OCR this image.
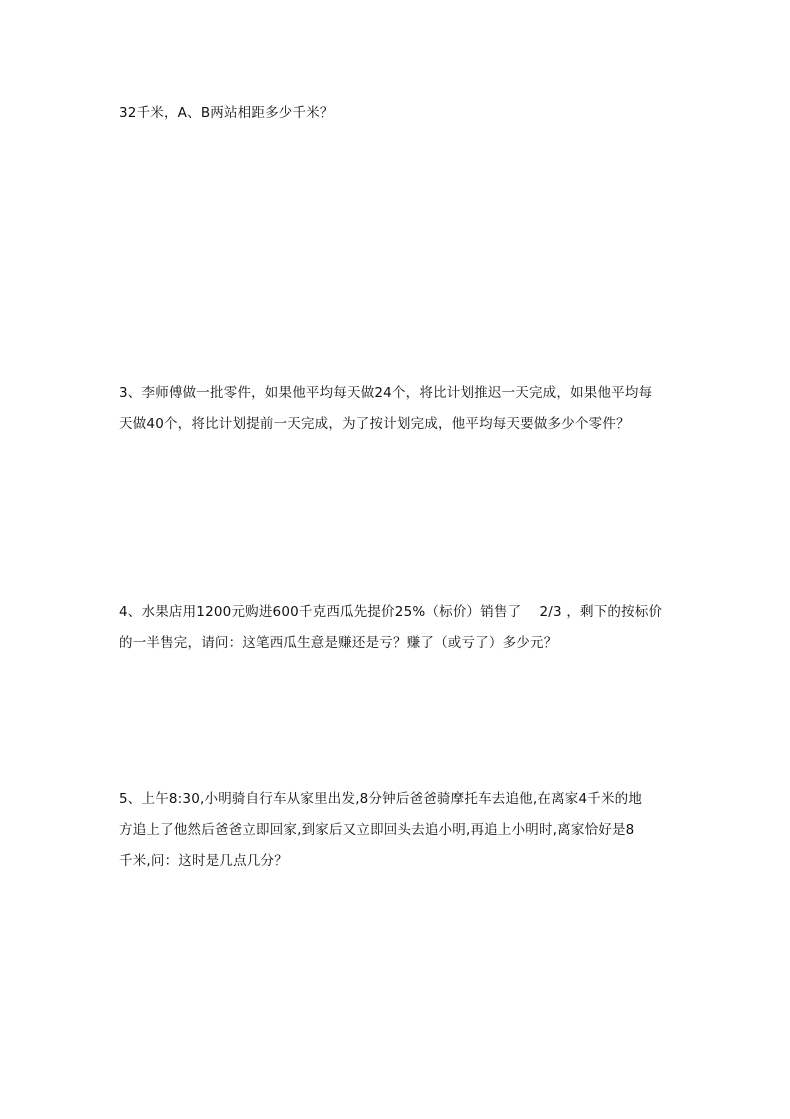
32千米，A、B两站相距多少千米？
3、李师傅做一批零件，如果他平均每天做24个，将比计划推迟一天完成，如果他平均每
天做40个，将比计划提前一天完成，为了按计划完成，他平均每天要做多少个零件？
4、水果店用1200元购进600千克西瓜先提价25%（标价）销售了　 2/3 ，剩下的按标价
的一半售完，请问：这笔西瓜生意是赚还是亏？赚了（或亏了）多少元？
5、上午8:30,小明骑自行车从家里出发,8分钟后爸爸骑摩托车去追他,在离家4千米的地
方追上了他然后爸爸立即回家,到家后又立即回头去追小明,再追上小明时,离家恰好是8
千米,问：这时是几点几分？
